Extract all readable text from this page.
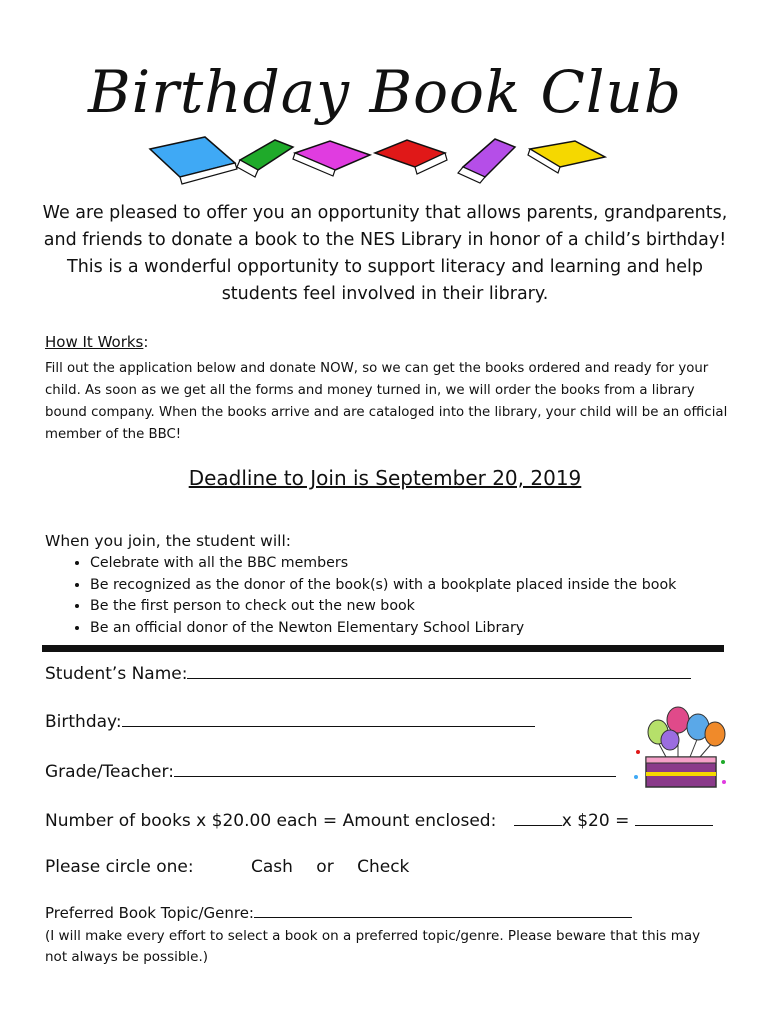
Birthday Book Club
We are pleased to offer you an opportunity that allows parents, grandparents, and friends to donate a book to the NES Library in honor of a child’s birthday! This is a wonderful opportunity to support literacy and learning and help students feel involved in their library.
How It Works:
Fill out the application below and donate NOW, so we can get the books ordered and ready for your child. As soon as we get all the forms and money turned in, we will order the books from a library bound company. When the books arrive and are cataloged into the library, your child will be an official member of the BBC!
Deadline to Join is September 20, 2019
When you join, the student will:
• Celebrate with all the BBC members
• Be recognized as the donor of the book(s) with a bookplate placed inside the book
• Be the first person to check out the new book
• Be an official donor of the Newton Elementary School Library
Student’s Name:
Birthday:
Grade/Teacher:
Number of books x $20.00 each = Amount enclosed:	x $20 =
Please circle one:	Cash or Check
Preferred Book Topic/Genre:
(I will make every effort to select a book on a preferred topic/genre. Please beware that this may not always be possible.)
